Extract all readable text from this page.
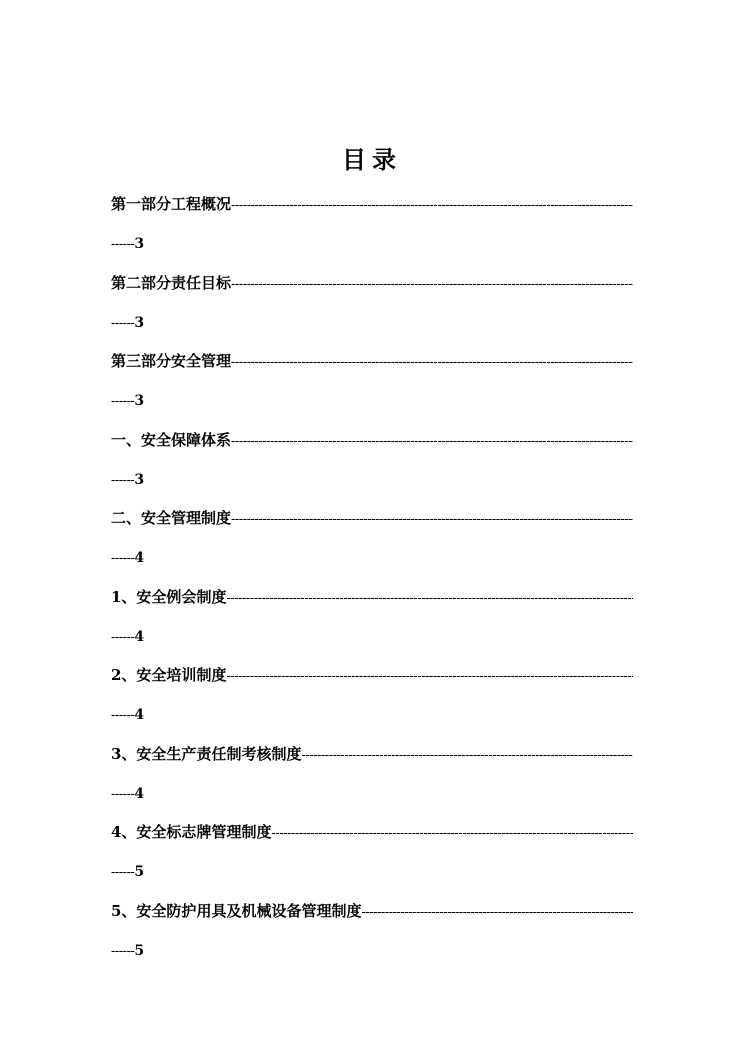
目录
第一部分工程概况
-----
------3
第二部分责任目标
-----
------3
第三部分安全管理
-----
------3
一、安全保障体系
-----
------3
二、安全管理制度
-----
------4
1、安全例会制度
-----
------4
2、安全培训制度
-----
------4
3、安全生产责任制考核制度
-----
------4
4、安全标志牌管理制度
-----
------5
5、安全防护用具及机械设备管理制度
-----
------5
